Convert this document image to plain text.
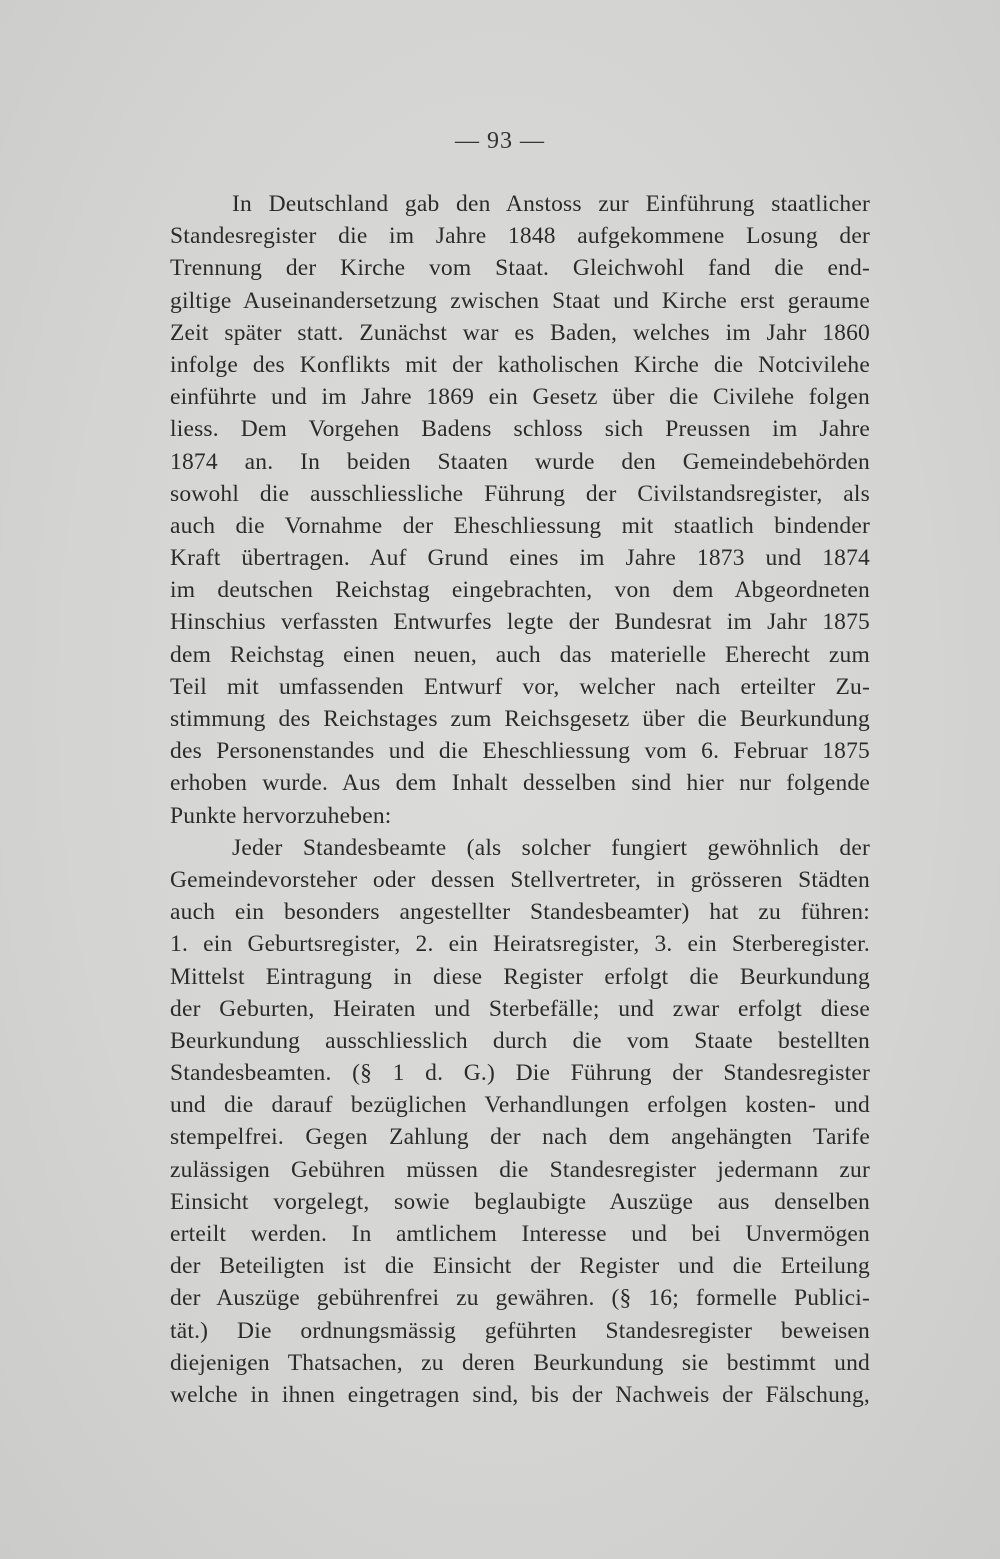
— 93 —
In Deutschland gab den Anstoss zur Einführung staatlicher
Standesregister die im Jahre 1848 aufgekommene Losung der
Trennung der Kirche vom Staat. Gleichwohl fand die end-
giltige Auseinandersetzung zwischen Staat und Kirche erst geraume
Zeit später statt. Zunächst war es Baden, welches im Jahr 1860
infolge des Konflikts mit der katholischen Kirche die Notcivilehe
einführte und im Jahre 1869 ein Gesetz über die Civilehe folgen
liess. Dem Vorgehen Badens schloss sich Preussen im Jahre
1874 an. In beiden Staaten wurde den Gemeindebehörden
sowohl die ausschliessliche Führung der Civilstandsregister, als
auch die Vornahme der Eheschliessung mit staatlich bindender
Kraft übertragen. Auf Grund eines im Jahre 1873 und 1874
im deutschen Reichstag eingebrachten, von dem Abgeordneten
Hinschius verfassten Entwurfes legte der Bundesrat im Jahr 1875
dem Reichstag einen neuen, auch das materielle Eherecht zum
Teil mit umfassenden Entwurf vor, welcher nach erteilter Zu-
stimmung des Reichstages zum Reichsgesetz über die Beurkundung
des Personenstandes und die Eheschliessung vom 6. Februar 1875
erhoben wurde. Aus dem Inhalt desselben sind hier nur folgende
Punkte hervorzuheben:
Jeder Standesbeamte (als solcher fungiert gewöhnlich der
Gemeindevorsteher oder dessen Stellvertreter, in grösseren Städten
auch ein besonders angestellter Standesbeamter) hat zu führen:
1. ein Geburtsregister, 2. ein Heiratsregister, 3. ein Sterberegister.
Mittelst Eintragung in diese Register erfolgt die Beurkundung
der Geburten, Heiraten und Sterbefälle; und zwar erfolgt diese
Beurkundung ausschliesslich durch die vom Staate bestellten
Standesbeamten. (§ 1 d. G.) Die Führung der Standesregister
und die darauf bezüglichen Verhandlungen erfolgen kosten- und
stempelfrei. Gegen Zahlung der nach dem angehängten Tarife
zulässigen Gebühren müssen die Standesregister jedermann zur
Einsicht vorgelegt, sowie beglaubigte Auszüge aus denselben
erteilt werden. In amtlichem Interesse und bei Unvermögen
der Beteiligten ist die Einsicht der Register und die Erteilung
der Auszüge gebührenfrei zu gewähren. (§ 16; formelle Publici-
tät.) Die ordnungsmässig geführten Standesregister beweisen
diejenigen Thatsachen, zu deren Beurkundung sie bestimmt und
welche in ihnen eingetragen sind, bis der Nachweis der Fälschung,
